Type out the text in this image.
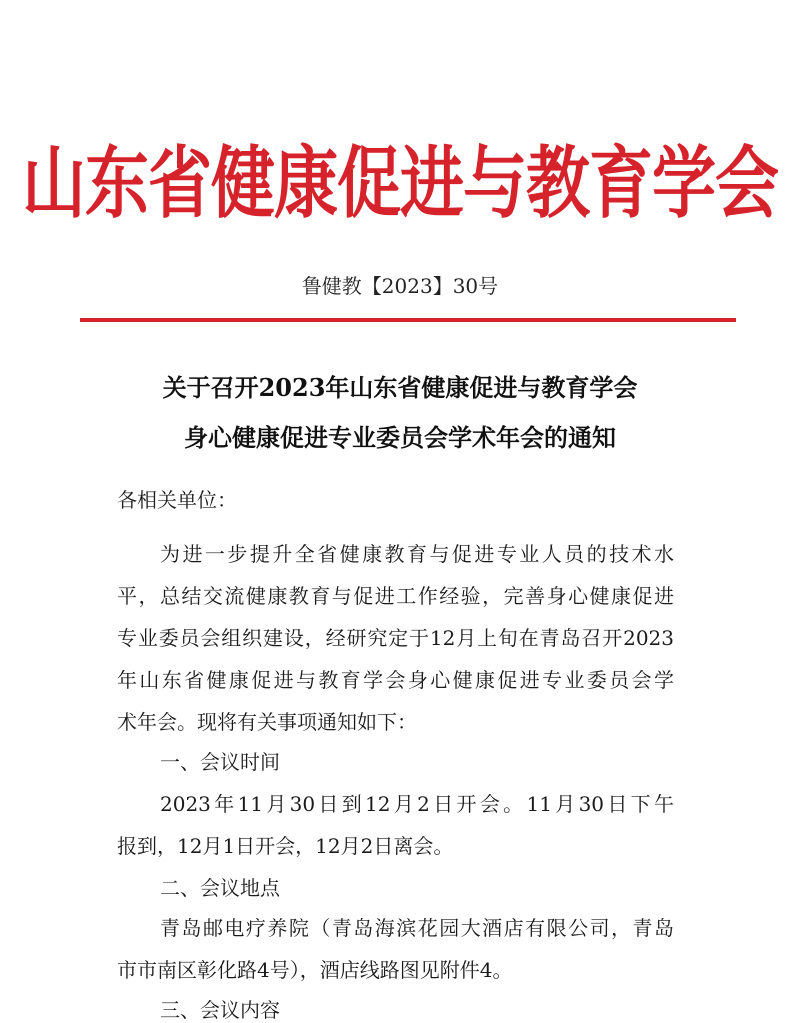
山东省健康促进与教育学会
鲁健教【2023】30号
关于召开2023年山东省健康促进与教育学会
身心健康促进专业委员会学术年会的通知
各相关单位：
为进一步提升全省健康教育与促进专业人员的技术水
平，总结交流健康教育与促进工作经验，完善身心健康促进
专业委员会组织建设，经研究定于12月上旬在青岛召开2023
年山东省健康促进与教育学会身心健康促进专业委员会学
术年会。现将有关事项通知如下：
一、会议时间
2023年11月30日到12月2日开会。11月30日下午
报到，12月1日开会，12月2日离会。
二、会议地点
青岛邮电疗养院（青岛海滨花园大酒店有限公司，青岛
市市南区彰化路4号），酒店线路图见附件4。
三、会议内容
